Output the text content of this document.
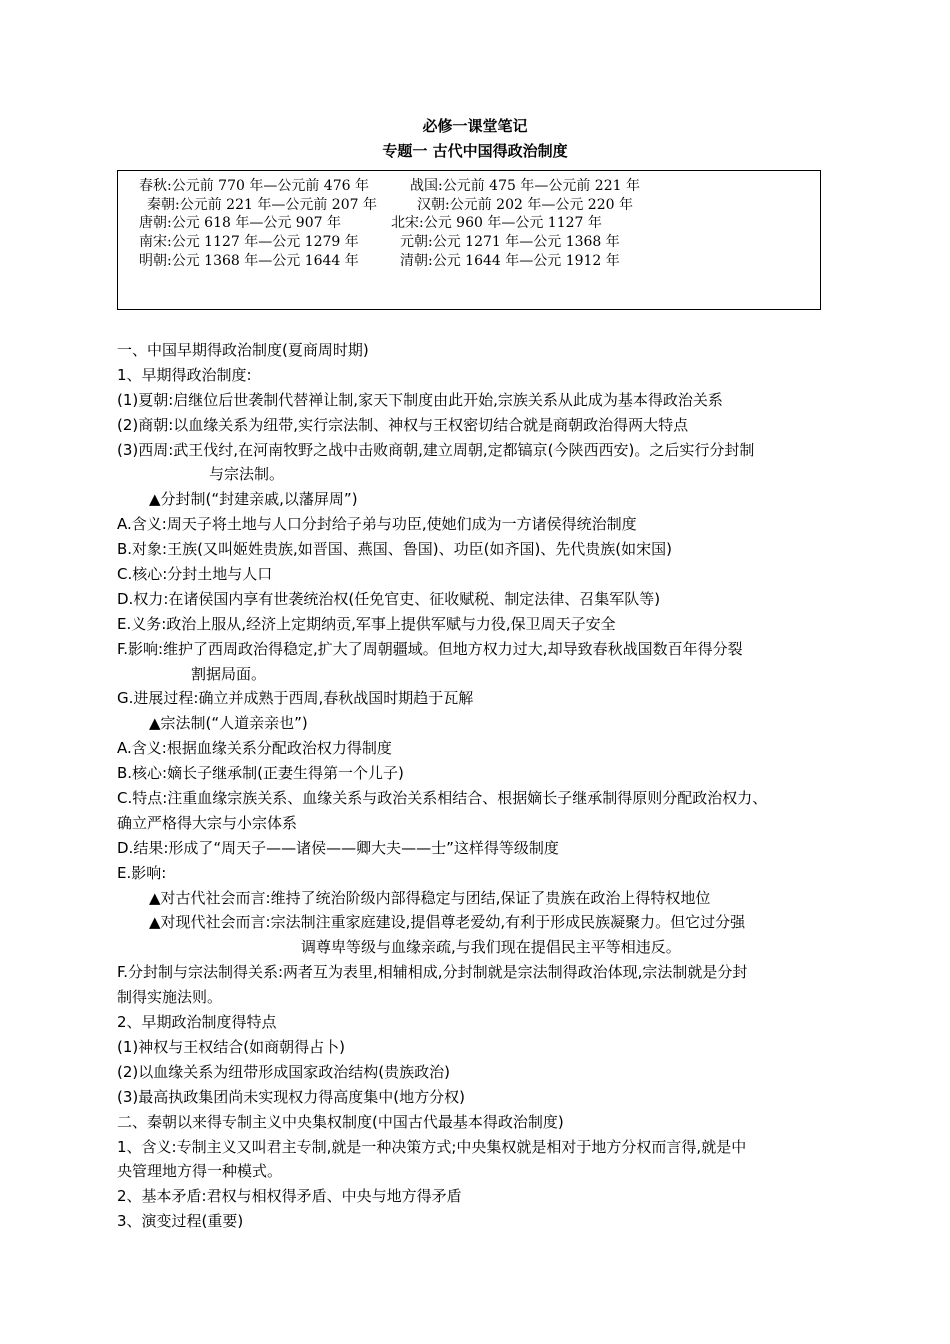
必修一课堂笔记
专题一 古代中国得政治制度
春秋:公元前 770 年—公元前 476 年	战国:公元前 475 年—公元前 221 年
秦朝:公元前 221 年—公元前 207 年	汉朝:公元前 202 年—公元 220 年
唐朝:公元 618 年—公元 907 年	北宋:公元 960 年—公元 1127 年
南宋:公元 1127 年—公元 1279 年	元朝:公元 1271 年—公元 1368 年
明朝:公元 1368 年—公元 1644 年	清朝:公元 1644 年—公元 1912 年
一、中国早期得政治制度(夏商周时期)
1、早期得政治制度:
(1)夏朝:启继位后世袭制代替禅让制,家天下制度由此开始,宗族关系从此成为基本得政治关系
(2)商朝:以血缘关系为纽带,实行宗法制、神权与王权密切结合就是商朝政治得两大特点
(3)西周:武王伐纣,在河南牧野之战中击败商朝,建立周朝,定都镐京(今陕西西安)。之后实行分封制
与宗法制。
▲分封制(“封建亲戚,以藩屏周”)
A.含义:周天子将土地与人口分封给子弟与功臣,使她们成为一方诸侯得统治制度
B.对象:王族(又叫姬姓贵族,如晋国、燕国、鲁国)、功臣(如齐国)、先代贵族(如宋国)
C.核心:分封土地与人口
D.权力:在诸侯国内享有世袭统治权(任免官吏、征收赋税、制定法律、召集军队等)
E.义务:政治上服从,经济上定期纳贡,军事上提供军赋与力役,保卫周天子安全
F.影响:维护了西周政治得稳定,扩大了周朝疆域。但地方权力过大,却导致春秋战国数百年得分裂
割据局面。
G.进展过程:确立并成熟于西周,春秋战国时期趋于瓦解
▲宗法制(“人道亲亲也”)
A.含义:根据血缘关系分配政治权力得制度
B.核心:嫡长子继承制(正妻生得第一个儿子)
C.特点:注重血缘宗族关系、血缘关系与政治关系相结合、根据嫡长子继承制得原则分配政治权力、
确立严格得大宗与小宗体系
D.结果:形成了“周天子——诸侯——卿大夫——士”这样得等级制度
E.影响:
▲对古代社会而言:维持了统治阶级内部得稳定与团结,保证了贵族在政治上得特权地位
▲对现代社会而言:宗法制注重家庭建设,提倡尊老爱幼,有利于形成民族凝聚力。但它过分强
调尊卑等级与血缘亲疏,与我们现在提倡民主平等相违反。
F.分封制与宗法制得关系:两者互为表里,相辅相成,分封制就是宗法制得政治体现,宗法制就是分封
制得实施法则。
2、早期政治制度得特点
(1)神权与王权结合(如商朝得占卜)
(2)以血缘关系为纽带形成国家政治结构(贵族政治)
(3)最高执政集团尚未实现权力得高度集中(地方分权)
二、秦朝以来得专制主义中央集权制度(中国古代最基本得政治制度)
1、含义:专制主义又叫君主专制,就是一种决策方式;中央集权就是相对于地方分权而言得,就是中
央管理地方得一种模式。
2、基本矛盾:君权与相权得矛盾、中央与地方得矛盾
3、演变过程(重要)
